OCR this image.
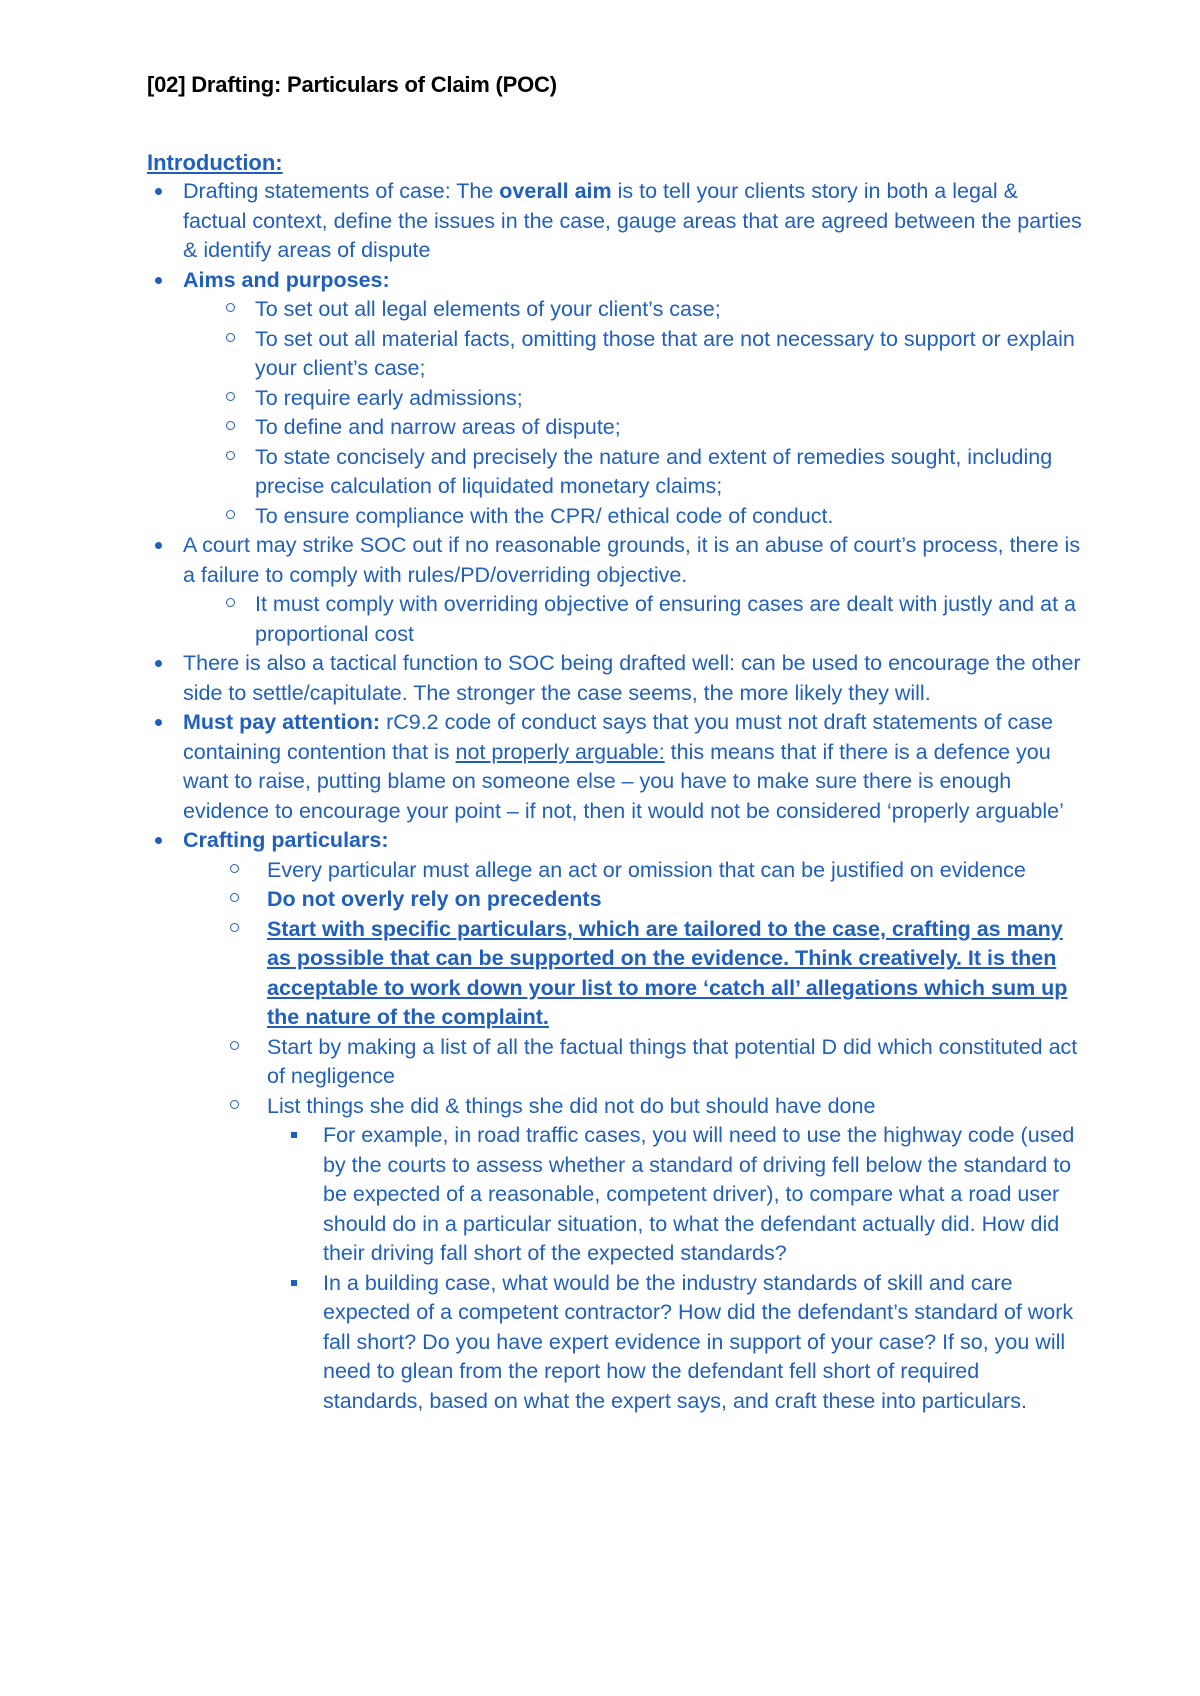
[02] Drafting: Particulars of Claim (POC)
Introduction:
Drafting statements of case: The overall aim is to tell your clients story in both a legal & factual context, define the issues in the case, gauge areas that are agreed between the parties & identify areas of dispute
Aims and purposes:
To set out all legal elements of your client’s case;
To set out all material facts, omitting those that are not necessary to support or explain your client’s case;
To require early admissions;
To define and narrow areas of dispute;
To state concisely and precisely the nature and extent of remedies sought, including precise calculation of liquidated monetary claims;
To ensure compliance with the CPR/ ethical code of conduct.
A court may strike SOC out if no reasonable grounds, it is an abuse of court’s process, there is a failure to comply with rules/PD/overriding objective.
It must comply with overriding objective of ensuring cases are dealt with justly and at a proportional cost
There is also a tactical function to SOC being drafted well: can be used to encourage the other side to settle/capitulate. The stronger the case seems, the more likely they will.
Must pay attention: rC9.2 code of conduct says that you must not draft statements of case containing contention that is not properly arguable: this means that if there is a defence you want to raise, putting blame on someone else – you have to make sure there is enough evidence to encourage your point – if not, then it would not be considered ‘properly arguable’
Crafting particulars:
Every particular must allege an act or omission that can be justified on evidence
Do not overly rely on precedents
Start with specific particulars, which are tailored to the case, crafting as many as possible that can be supported on the evidence. Think creatively. It is then acceptable to work down your list to more ‘catch all’ allegations which sum up the nature of the complaint.
Start by making a list of all the factual things that potential D did which constituted act of negligence
List things she did & things she did not do but should have done
For example, in road traffic cases, you will need to use the highway code (used by the courts to assess whether a standard of driving fell below the standard to be expected of a reasonable, competent driver), to compare what a road user should do in a particular situation, to what the defendant actually did. How did their driving fall short of the expected standards?
In a building case, what would be the industry standards of skill and care expected of a competent contractor? How did the defendant’s standard of work fall short? Do you have expert evidence in support of your case? If so, you will need to glean from the report how the defendant fell short of required standards, based on what the expert says, and craft these into particulars.
